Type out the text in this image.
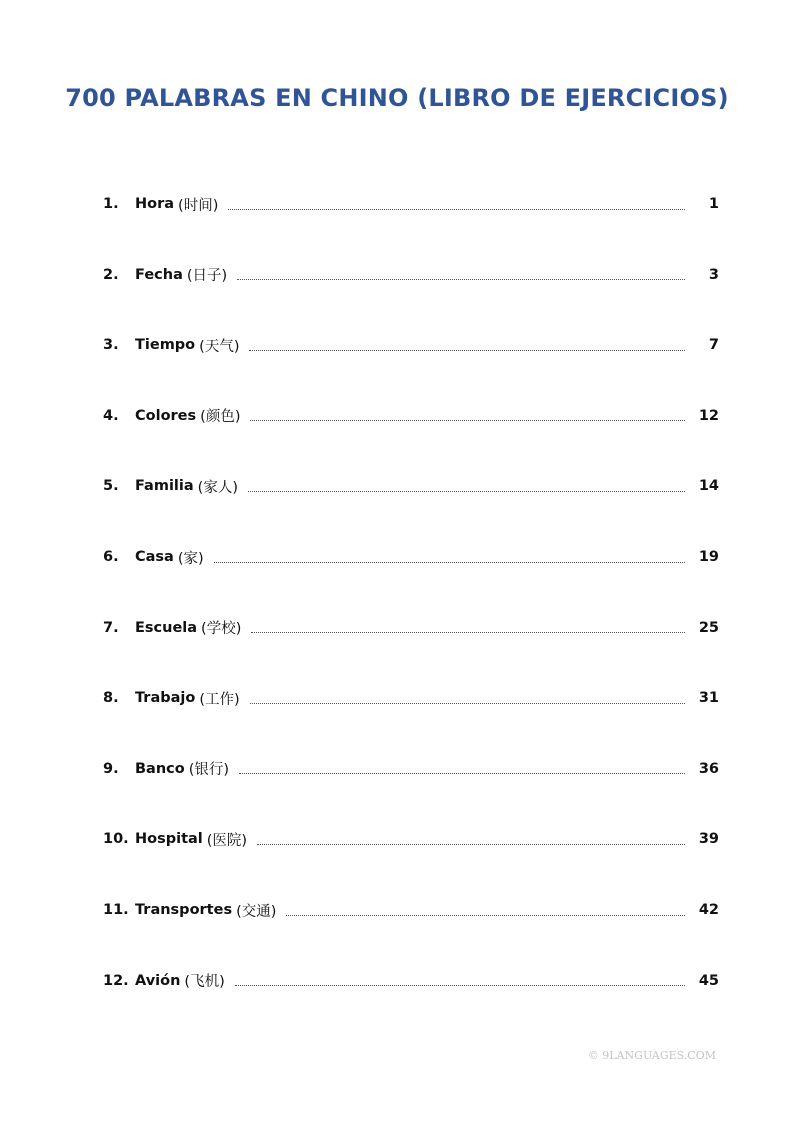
700 PALABRAS EN CHINO (LIBRO DE EJERCICIOS)
1.	Hora (时间)	1
2.	Fecha (日子)	3
3.	Tiempo (天气)	7
4.	Colores (颜色)	12
5.	Familia (家人)	14
6.	Casa (家)	19
7.	Escuela (学校)	25
8.	Trabajo (工作)	31
9.	Banco (银行)	36
10. Hospital (医院)	39
11. Transportes (交通)	42
12. Avión (飞机)	45
© 9LANGUAGES.COM
